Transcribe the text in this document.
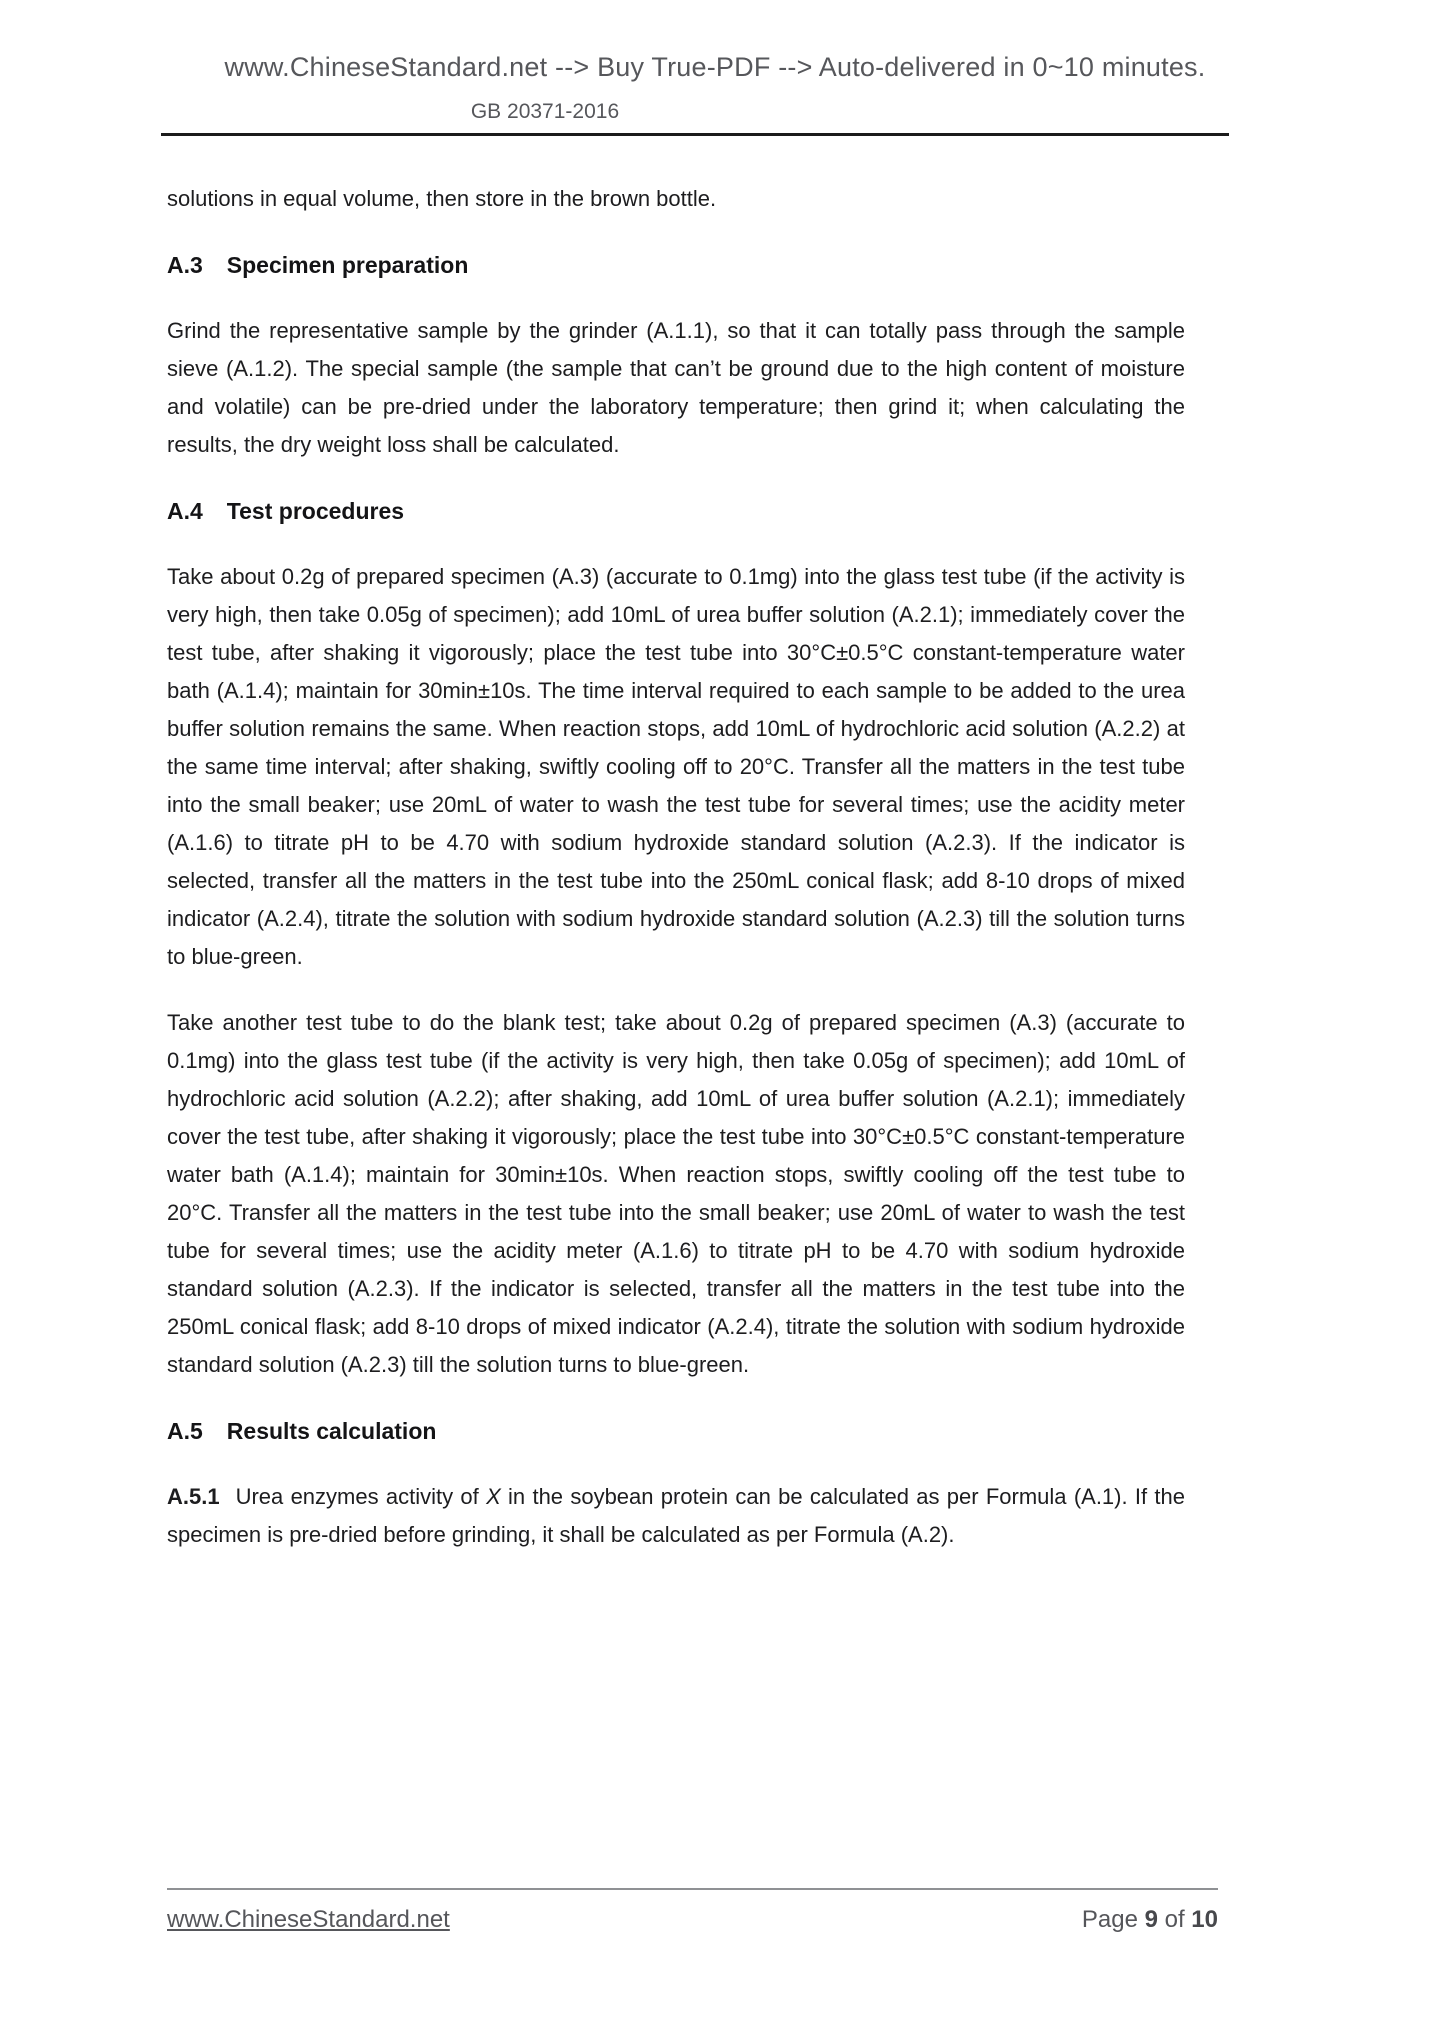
www.ChineseStandard.net --> Buy True-PDF --> Auto-delivered in 0~10 minutes.
GB 20371-2016

solutions in equal volume, then store in the brown bottle.

A.3 Specimen preparation

Grind the representative sample by the grinder (A.1.1), so that it can totally pass through the sample sieve (A.1.2). The special sample (the sample that can’t be ground due to the high content of moisture and volatile) can be pre-dried under the laboratory temperature; then grind it; when calculating the results, the dry weight loss shall be calculated.

A.4 Test procedures

Take about 0.2g of prepared specimen (A.3) (accurate to 0.1mg) into the glass test tube (if the activity is very high, then take 0.05g of specimen); add 10mL of urea buffer solution (A.2.1); immediately cover the test tube, after shaking it vigorously; place the test tube into 30°C±0.5°C constant-temperature water bath (A.1.4); maintain for 30min±10s. The time interval required to each sample to be added to the urea buffer solution remains the same. When reaction stops, add 10mL of hydrochloric acid solution (A.2.2) at the same time interval; after shaking, swiftly cooling off to 20°C. Transfer all the matters in the test tube into the small beaker; use 20mL of water to wash the test tube for several times; use the acidity meter (A.1.6) to titrate pH to be 4.70 with sodium hydroxide standard solution (A.2.3). If the indicator is selected, transfer all the matters in the test tube into the 250mL conical flask; add 8-10 drops of mixed indicator (A.2.4), titrate the solution with sodium hydroxide standard solution (A.2.3) till the solution turns to blue-green.

Take another test tube to do the blank test; take about 0.2g of prepared specimen (A.3) (accurate to 0.1mg) into the glass test tube (if the activity is very high, then take 0.05g of specimen); add 10mL of hydrochloric acid solution (A.2.2); after shaking, add 10mL of urea buffer solution (A.2.1); immediately cover the test tube, after shaking it vigorously; place the test tube into 30°C±0.5°C constant-temperature water bath (A.1.4); maintain for 30min±10s. When reaction stops, swiftly cooling off the test tube to 20°C. Transfer all the matters in the test tube into the small beaker; use 20mL of water to wash the test tube for several times; use the acidity meter (A.1.6) to titrate pH to be 4.70 with sodium hydroxide standard solution (A.2.3). If the indicator is selected, transfer all the matters in the test tube into the 250mL conical flask; add 8-10 drops of mixed indicator (A.2.4), titrate the solution with sodium hydroxide standard solution (A.2.3) till the solution turns to blue-green.

A.5 Results calculation

A.5.1 Urea enzymes activity of X in the soybean protein can be calculated as per Formula (A.1). If the specimen is pre-dried before grinding, it shall be calculated as per Formula (A.2).

www.ChineseStandard.net	Page 9 of 10
